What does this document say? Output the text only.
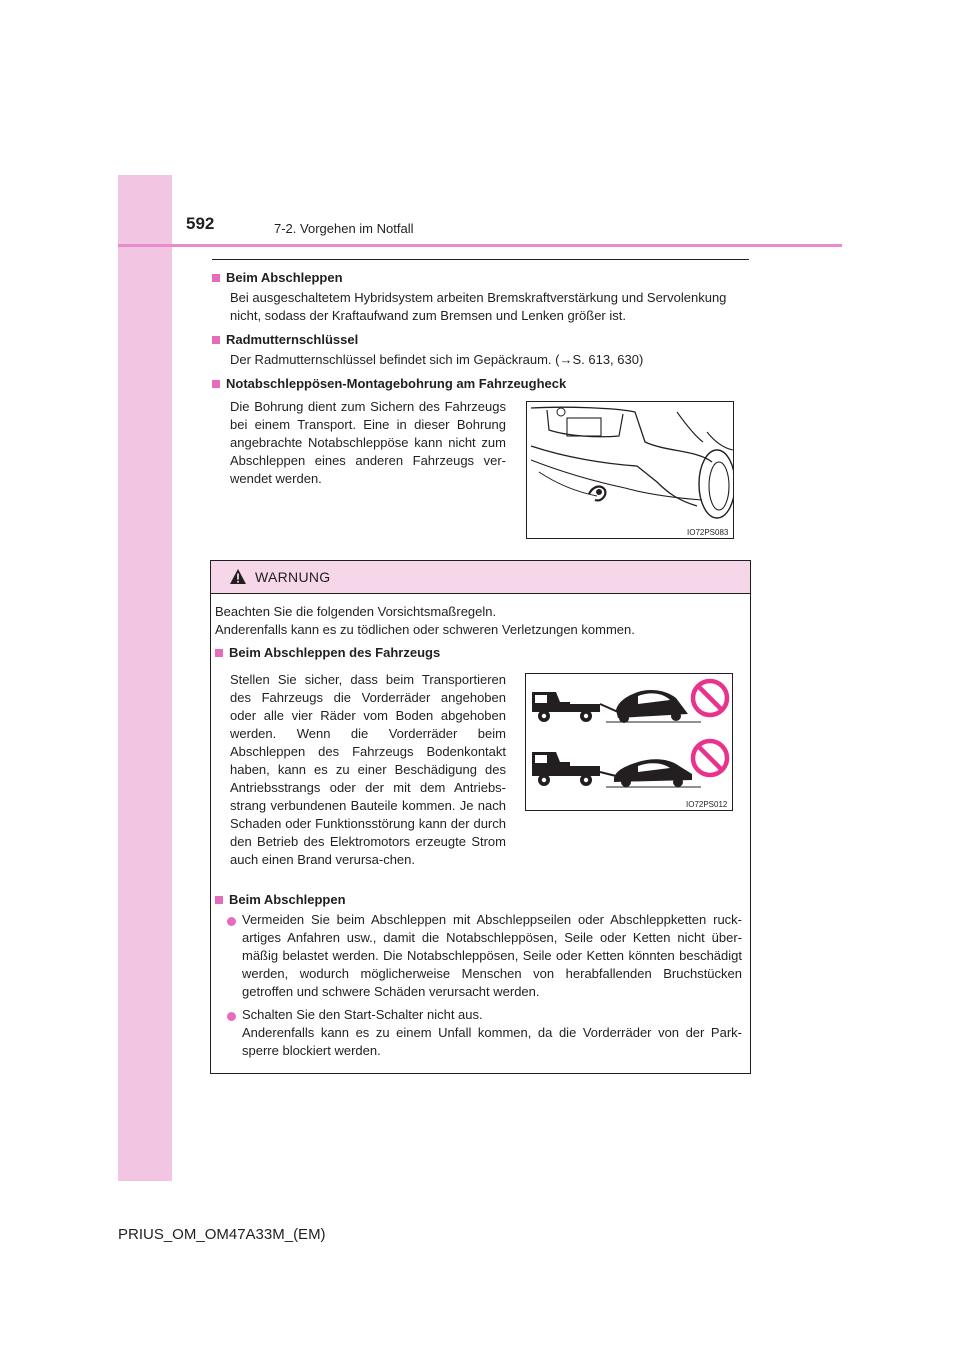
592	7-2. Vorgehen im Notfall
Beim Abschleppen
Bei ausgeschaltetem Hybridsystem arbeiten Bremskraftverstärkung und Servolenkung
nicht, sodass der Kraftaufwand zum Bremsen und Lenken größer ist.
Radmutternschlüssel
Der Radmutternschlüssel befindet sich im Gepäckraum. (→S. 613, 630)
Notabschleppösen-Montagebohrung am Fahrzeugheck
Die Bohrung dient zum Sichern des Fahrzeugs bei einem Transport. Eine in dieser Bohrung angebrachte Notabschleppöse kann nicht zum Abschleppen eines anderen Fahrzeugs ver-wendet werden.
IO72PS083
WARNUNG
Beachten Sie die folgenden Vorsichtsmaßregeln.
Anderenfalls kann es zu tödlichen oder schweren Verletzungen kommen.
Beim Abschleppen des Fahrzeugs
Stellen Sie sicher, dass beim Transportieren des Fahrzeugs die Vorderräder angehoben oder alle vier Räder vom Boden abgehoben werden. Wenn die Vorderräder beim Abschleppen des Fahrzeugs Bodenkontakt haben, kann es zu einer Beschädigung des Antriebsstrangs oder der mit dem Antriebs-strang verbundenen Bauteile kommen. Je nach Schaden oder Funktionsstörung kann der durch den Betrieb des Elektromotors erzeugte Strom auch einen Brand verursa-chen.
IO72PS012
Beim Abschleppen
Vermeiden Sie beim Abschleppen mit Abschleppseilen oder Abschleppketten ruck-artiges Anfahren usw., damit die Notabschleppösen, Seile oder Ketten nicht über-mäßig belastet werden. Die Notabschleppösen, Seile oder Ketten könnten beschädigt werden, wodurch möglicherweise Menschen von herabfallenden Bruchstücken getroffen und schwere Schäden verursacht werden.
Schalten Sie den Start-Schalter nicht aus.
Anderenfalls kann es zu einem Unfall kommen, da die Vorderräder von der Park-sperre blockiert werden.
PRIUS_OM_OM47A33M_(EM)
